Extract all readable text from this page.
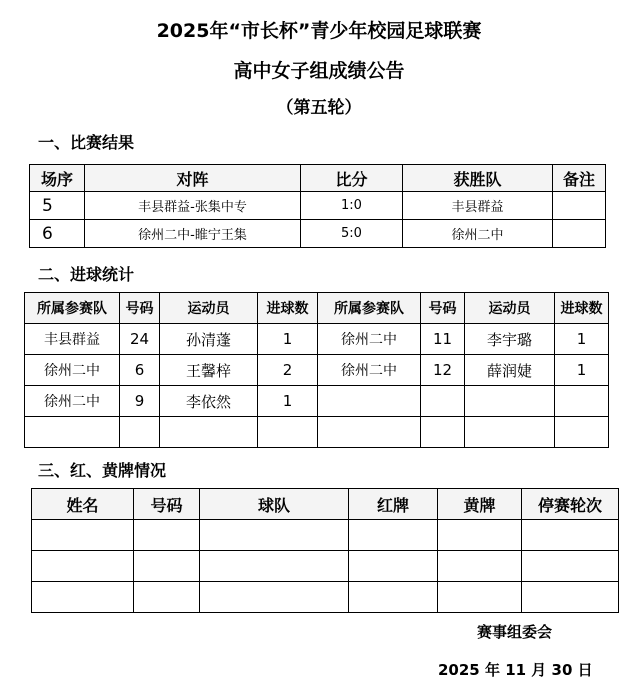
2025年“市长杯”青少年校园足球联赛
高中女子组成绩公告
（第五轮）
一、比赛结果
场序	对阵	比分	获胜队	备注
5	丰县群益-张集中专	1:0	丰县群益	
6	徐州二中-睢宁王集	5:0	徐州二中	
二、进球统计
所属参赛队	号码	运动员	进球数	所属参赛队	号码	运动员	进球数
丰县群益	24	孙清蓬	1	徐州二中	11	李宇璐	1
徐州二中	6	王馨梓	2	徐州二中	12	薛润婕	1
徐州二中	9	李依然	1				

三、红、黄牌情况
姓名	号码	球队	红牌	黄牌	停赛轮次

赛事组委会
2025 年 11 月 30 日
